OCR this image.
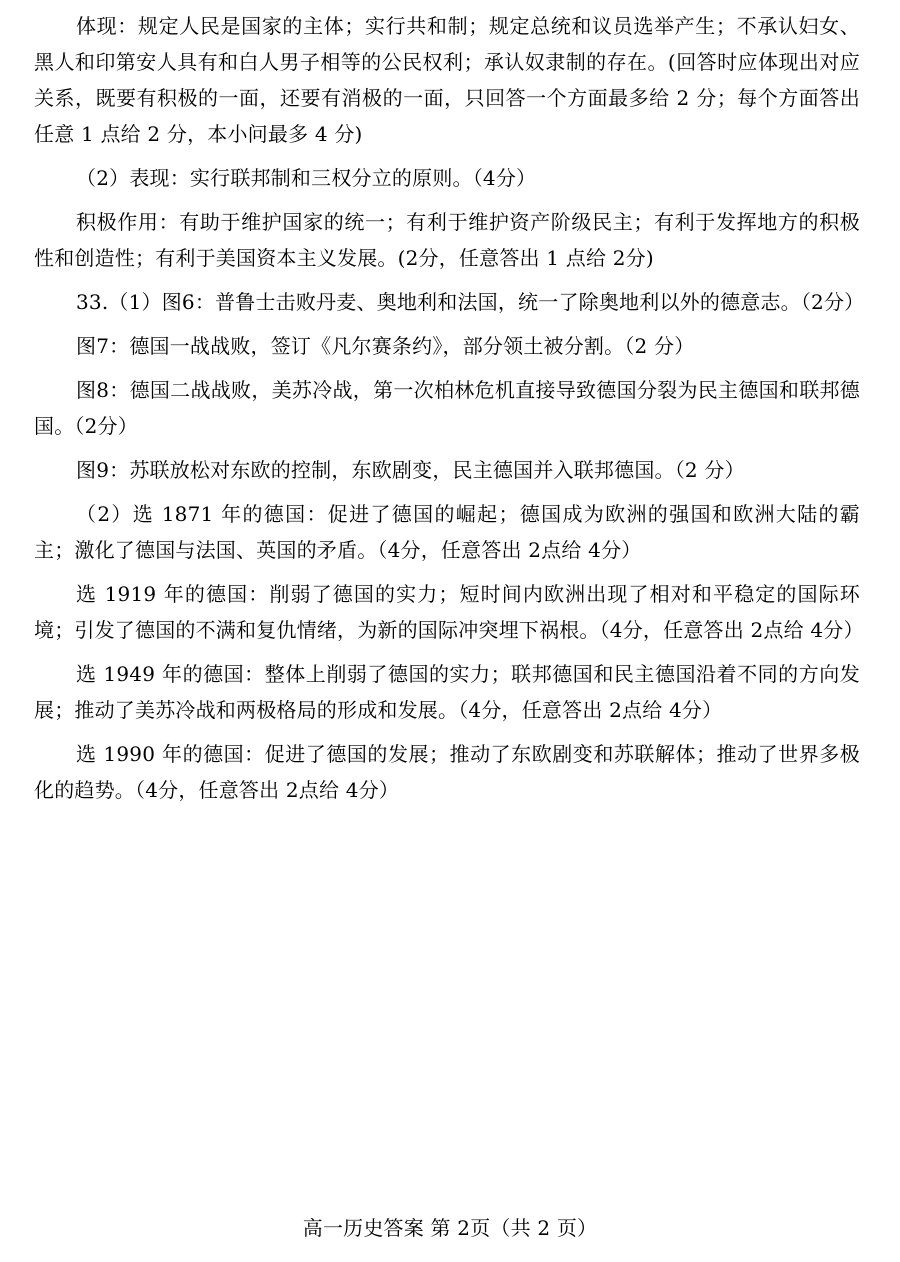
体现：规定人民是国家的主体；实行共和制；规定总统和议员选举产生；不承认妇女、黑人和印第安人具有和白人男子相等的公民权利；承认奴隶制的存在。(回答时应体现出对应关系，既要有积极的一面，还要有消极的一面，只回答一个方面最多给 2 分；每个方面答出任意 1 点给 2 分，本小问最多 4 分)

（2）表现：实行联邦制和三权分立的原则。（4分）

积极作用：有助于维护国家的统一；有利于维护资产阶级民主；有利于发挥地方的积极性和创造性；有利于美国资本主义发展。(2分，任意答出 1 点给 2分)

33.（1）图6：普鲁士击败丹麦、奥地利和法国，统一了除奥地利以外的德意志。（2分）

图7：德国一战战败，签订《凡尔赛条约》，部分领土被分割。（2 分）

图8：德国二战战败，美苏冷战，第一次柏林危机直接导致德国分裂为民主德国和联邦德国。（2分）

图9：苏联放松对东欧的控制，东欧剧变，民主德国并入联邦德国。（2 分）

（2）选 1871 年的德国：促进了德国的崛起；德国成为欧洲的强国和欧洲大陆的霸主；激化了德国与法国、英国的矛盾。（4分，任意答出 2点给 4分）

选 1919 年的德国：削弱了德国的实力；短时间内欧洲出现了相对和平稳定的国际环境；引发了德国的不满和复仇情绪，为新的国际冲突埋下祸根。（4分，任意答出 2点给 4分）

选 1949 年的德国：整体上削弱了德国的实力；联邦德国和民主德国沿着不同的方向发展；推动了美苏冷战和两极格局的形成和发展。（4分，任意答出 2点给 4分）

选 1990 年的德国：促进了德国的发展；推动了东欧剧变和苏联解体；推动了世界多极化的趋势。（4分，任意答出 2点给 4分）

高一历史答案 第 2页（共 2 页）
